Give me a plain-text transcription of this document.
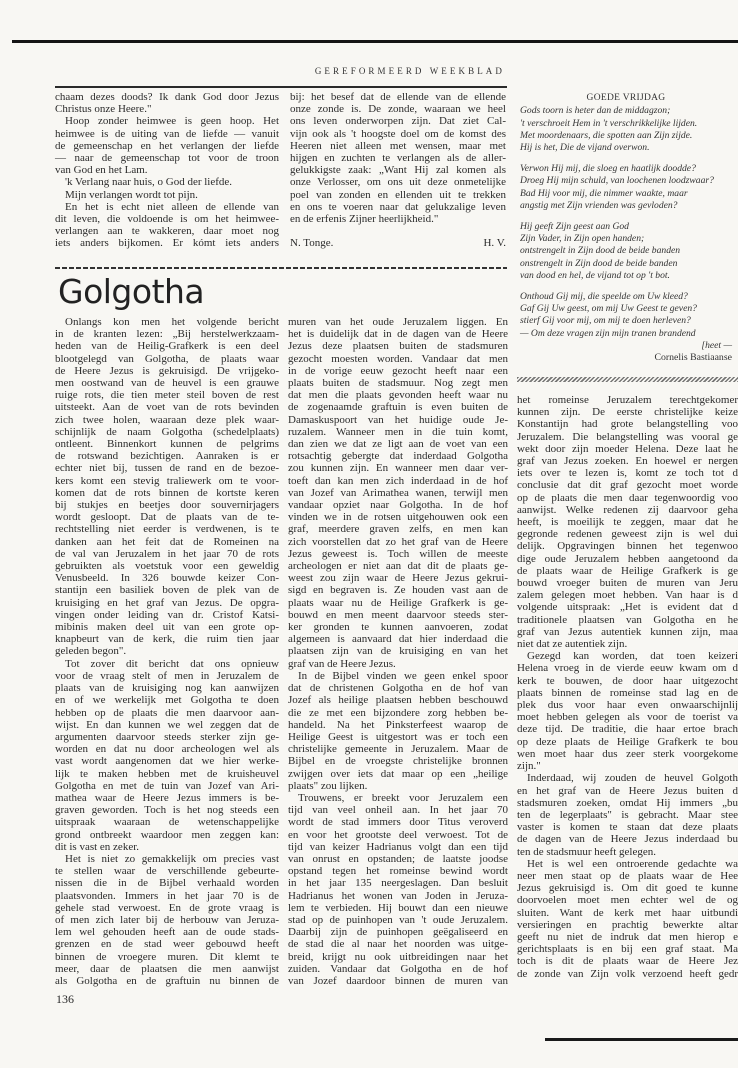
GEREFORMEERD WEEKBLAD
chaam dezes doods? Ik dank God door Jezus
Christus onze Heere."
Hoop zonder heimwee is geen hoop. Het
heimwee is de uiting van de liefde — vanuit
de gemeenschap en het verlangen der liefde
— naar de gemeenschap tot voor de troon
van God en het Lam.
'k Verlang naar huis, o God der liefde.
Mijn verlangen wordt tot pijn.
En het is echt niet alleen de ellende van
dit leven, die voldoende is om het heimwee-
verlangen aan te wakkeren, daar moet nog
iets anders bijkomen. Er kómt iets anders
bij: het besef dat de ellende van de ellende
onze zonde is. De zonde, waaraan we heel
ons leven onderworpen zijn. Dat ziet Cal-
vijn ook als 't hoogste doel om de komst des
Heeren niet alleen met wensen, maar met
hijgen en zuchten te verlangen als de aller-
gelukkigste zaak: „Want Hij zal komen als
onze Verlosser, om ons uit deze onmetelijke
poel van zonden en ellenden uit te trekken
en ons te voeren naar dat gelukzalige leven
en de erfenis Zijner heerlijkheid."
N. Tonge.	H. V.
GOEDE VRIJDAG
Gods toorn is heter dan de middagzon;
't verschroeit Hem in 't verschrikkelijke lijden.
Met moordenaars, die spotten aan Zijn zijde.
Hij is het, Die de vijand overwon.
Verwon Hij mij, die sloeg en haatlijk doodde?
Droeg Hij mijn schuld, van loochenen loodzwaar?
Bad Hij voor mij, die nimmer waakte, maar
angstig met Zijn vrienden was gevloden?
Hij geeft Zijn geest aan God
Zijn Vader, in Zijn open handen;
ontstrengelt in Zijn dood de beide banden
onstrengelt in Zijn dood de beide banden
van dood en hel, de vijand tot op 't bot.
Onthoud Gij mij, die speelde om Uw kleed?
Gaf Gij Uw geest, om mij Uw Geest te geven?
stierf Gij voor mij, om mij te doen herleven?
— Om deze vragen zijn mijn tranen brandend
[heet —
Cornelis Bastiaanse
Golgotha
Onlangs kon men het volgende bericht
in de kranten lezen: „Bij herstelwerkzaam-
heden van de Heilig-Grafkerk is een deel
blootgelegd van Golgotha, de plaats waar
de Heere Jezus is gekruisigd. De vrijgeko-
men oostwand van de heuvel is een grauwe
ruige rots, die tien meter steil boven de rest
uitsteekt. Aan de voet van de rots bevinden
zich twee holen, waaraan deze plek waar-
schijnlijk de naam Golgotha (schedelplaats)
ontleent. Binnenkort kunnen de pelgrims
de rotswand bezichtigen. Aanraken is er
echter niet bij, tussen de rand en de bezoe-
kers komt een stevig traliewerk om te voor-
komen dat de rots binnen de kortste keren
bij stukjes en beetjes door souvernirjagers
wordt gesloopt. Dat de plaats van de te-
rechtstelling niet eerder is verdwenen, is te
danken aan het feit dat de Romeinen na
de val van Jeruzalem in het jaar 70 de rots
gebruikten als voetstuk voor een geweldig
Venusbeeld. In 326 bouwde keizer Con-
stantijn een basiliek boven de plek van de
kruisiging en het graf van Jezus. De opgra-
vingen onder leiding van dr. Cristof Katsi-
mibinis maken deel uit van een grote op-
knapbeurt van de kerk, die ruim tien jaar
geleden begon".
Tot zover dit bericht dat ons opnieuw
voor de vraag stelt of men in Jeruzalem de
plaats van de kruisiging nog kan aanwijzen
en of we werkelijk met Golgotha te doen
hebben op de plaats die men daarvoor aan-
wijst. En dan kunnen we wel zeggen dat de
argumenten daarvoor steeds sterker zijn ge-
worden en dat nu door archeologen wel als
vast wordt aangenomen dat we hier werke-
lijk te maken hebben met de kruisheuvel
Golgotha en met de tuin van Jozef van Ari-
mathea waar de Heere Jezus immers is be-
graven geworden. Toch is het nog steeds een
uitspraak waaraan de wetenschappelijke
grond ontbreekt waardoor men zeggen kan:
dit is vast en zeker.
Het is niet zo gemakkelijk om precies vast
te stellen waar de verschillende gebeurte-
nissen die in de Bijbel verhaald worden
plaatsvonden. Immers in het jaar 70 is de
gehele stad verwoest. En de grote vraag is
of men zich later bij de herbouw van Jeruza-
lem wel gehouden heeft aan de oude stads-
grenzen en de stad weer gebouwd heeft
binnen de vroegere muren. Dit klemt te
meer, daar de plaatsen die men aanwijst
als Golgotha en de graftuin nu binnen de
muren van het oude Jeruzalem liggen. En
het is duidelijk dat in de dagen van de Heere
Jezus deze plaatsen buiten de stadsmuren
gezocht moesten worden. Vandaar dat men
in de vorige eeuw gezocht heeft naar een
plaats buiten de stadsmuur. Nog zegt men
dat men die plaats gevonden heeft waar nu
de zogenaamde graftuin is even buiten de
Damaskuspoort van het huidige oude Je-
ruzalem. Wanneer men in die tuin komt,
dan zien we dat ze ligt aan de voet van een
rotsachtig gebergte dat inderdaad Golgotha
zou kunnen zijn. En wanneer men daar ver-
toeft dan kan men zich inderdaad in de hof
van Jozef van Arimathea wanen, terwijl men
vandaar opziet naar Golgotha. In de hof
vinden we in de rotsen uitgehouwen ook een
graf, meerdere graven zelfs, en men kan
zich voorstellen dat zo het graf van de Heere
Jezus geweest is. Toch willen de meeste
archeologen er niet aan dat dit de plaats ge-
weest zou zijn waar de Heere Jezus gekrui-
sigd en begraven is. Ze houden vast aan de
plaats waar nu de Heilige Grafkerk is ge-
bouwd en men meent daarvoor steeds ster-
ker gronden te kunnen aanvoeren, zodat
algemeen is aanvaard dat hier inderdaad die
plaatsen zijn van de kruisiging en van het
graf van de Heere Jezus.
In de Bijbel vinden we geen enkel spoor
dat de christenen Golgotha en de hof van
Jozef als heilige plaatsen hebben beschouwd
die ze met een bijzondere zorg hebben be-
handeld. Na het Pinksterfeest waarop de
Heilige Geest is uitgestort was er toch een
christelijke gemeente in Jeruzalem. Maar de
Bijbel en de vroegste christelijke bronnen
zwijgen over iets dat maar op een „heilige
plaats" zou lijken.
Trouwens, er breekt voor Jeruzalem een
tijd van veel onheil aan. In het jaar 70
wordt de stad immers door Titus veroverd
en voor het grootste deel verwoest. Tot de
tijd van keizer Hadrianus volgt dan een tijd
van onrust en opstanden; de laatste joodse
opstand tegen het romeinse bewind wordt
in het jaar 135 neergeslagen. Dan besluit
Hadrianus het wonen van Joden in Jeruza-
lem te verbieden. Hij bouwt dan een nieuwe
stad op de puinhopen van 't oude Jeruzalem.
Daarbij zijn de puinhopen geëgaliseerd en
de stad die al naar het noorden was uitge-
breid, krijgt nu ook uitbreidingen naar het
zuiden. Vandaar dat Golgotha en de hof
van Jozef daardoor binnen de muren van
het romeinse Jeruzalem terechtgekomer
kunnen zijn. De eerste christelijke keize
Konstantijn had grote belangstelling voo
Jeruzalem. Die belangstelling was vooral ge
wekt door zijn moeder Helena. Deze laat he
graf van Jezus zoeken. En hoewel er nergen
iets over te lezen is, komt ze toch tot d
conclusie dat dit graf gezocht moet worde
op de plaats die men daar tegenwoordig voo
aanwijst. Welke redenen zij daarvoor geha
heeft, is moeilijk te zeggen, maar dat he
gegronde redenen geweest zijn is wel dui
delijk. Opgravingen binnen het tegenwoo
dige oude Jeruzalem hebben aangetoond da
de plaats waar de Heilige Grafkerk is ge
bouwd vroeger buiten de muren van Jeru
zalem gelegen moet hebben. Van haar is d
volgende uitspraak: „Het is evident dat d
traditionele plaatsen van Golgotha en he
graf van Jezus autentiek kunnen zijn, maa
niet dat ze autentiek zijn.
Gezegd kan worden, dat toen keizeri
Helena vroeg in de vierde eeuw kwam om d
kerk te bouwen, de door haar uitgezocht
plaats binnen de romeinse stad lag en de
plek dus voor haar even onwaarschijnlij
moet hebben gelegen als voor de toerist va
deze tijd. De traditie, die haar ertoe brach
op deze plaats de Heilige Grafkerk te bou
wen moet haar dus zeer sterk voorgekome
zijn."
Inderdaad, wij zouden de heuvel Golgoth
en het graf van de Heere Jezus buiten d
stadsmuren zoeken, omdat Hij immers „bu
ten de legerplaats" is gebracht. Maar stee
vaster is komen te staan dat deze plaats
de dagen van de Heere Jezus inderdaad bu
ten de stadsmuur heeft gelegen.
Het is wel een ontroerende gedachte wa
neer men staat op de plaats waar de Hee
Jezus gekruisigd is. Om dit goed te kunne
doorvoelen moet men echter wel de og
sluiten. Want de kerk met haar uitbundi
versieringen en prachtig bewerkte altar
geeft nu niet de indruk dat men hierop e
gerichtsplaats is en bij een graf staat. Ma
toch is dit de plaats waar de Heere Jez
de zonde van Zijn volk verzoend heeft gedr
136
